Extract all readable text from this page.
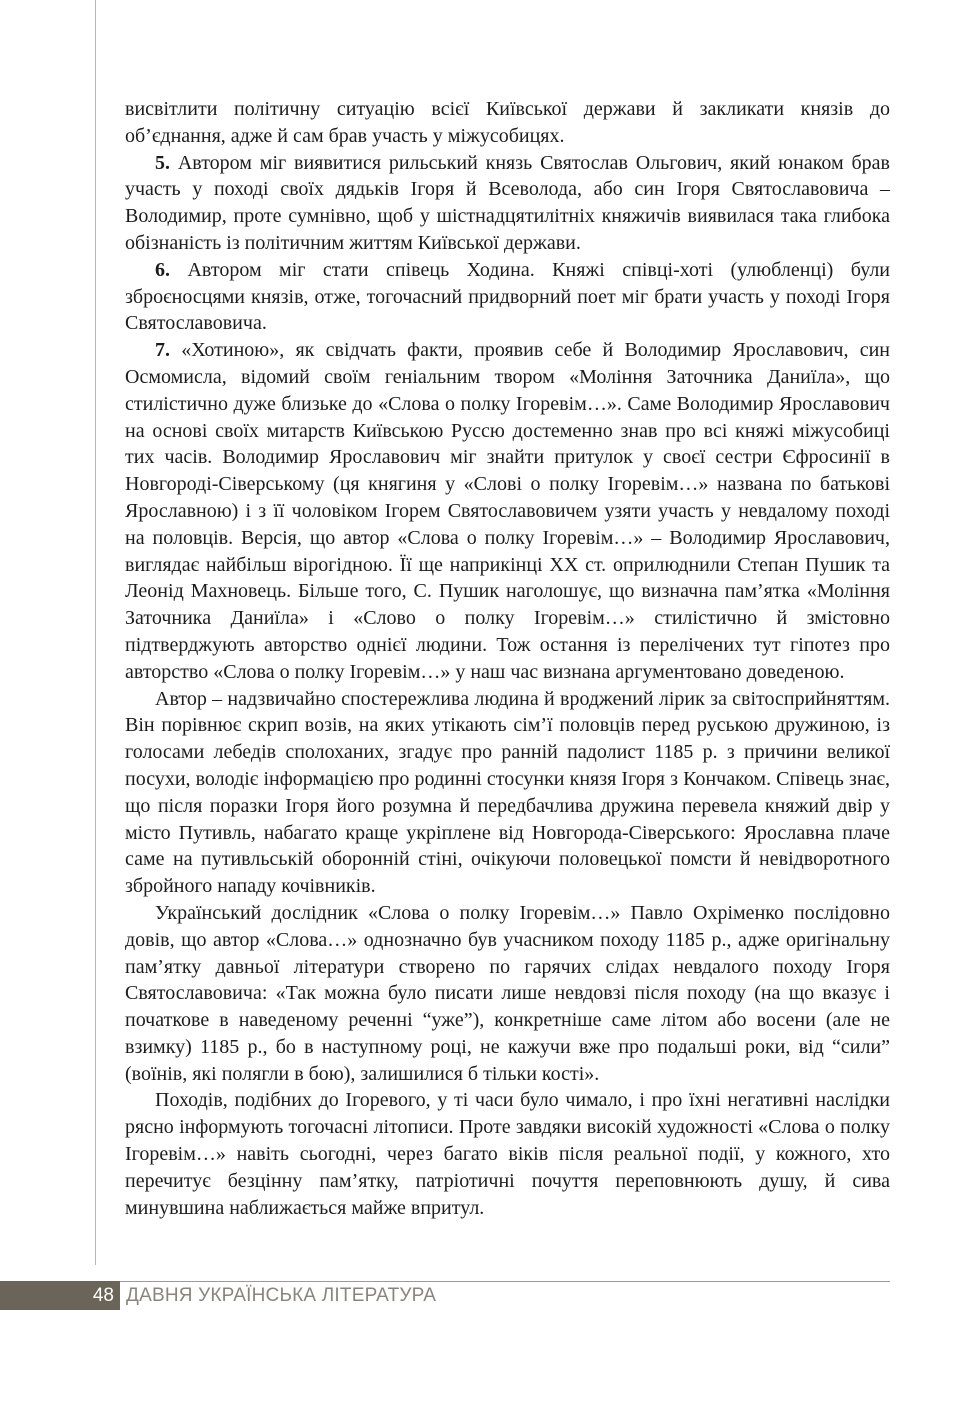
висвітлити політичну ситуацію всієї Київської держави й закликати князів до об’єднання, адже й сам брав участь у міжусобицях.

5. Автором міг виявитися рильський князь Святослав Ольгович, який юнаком брав участь у поході своїх дядьків Ігоря й Всеволода, або син Ігоря Святославовича – Володимир, проте сумнівно, щоб у шістнадцятилітніх княжичів виявилася така глибока обізнаність із політичним життям Київської держави.

6. Автором міг стати співець Ходина. Княжі співці-хоті (улюбленці) були зброєносцями князів, отже, тогочасний придворний поет міг брати участь у поході Ігоря Святославовича.

7. «Хотиною», як свідчать факти, проявив себе й Володимир Ярославович, син Осмомисла, відомий своїм геніальним твором «Моління Заточника Даниїла», що стилістично дуже близьке до «Слова о полку Ігоревім…». Саме Володимир Ярославович на основі своїх митарств Київською Руссю достеменно знав про всі княжі міжусобиці тих часів. Володимир Ярославович міг знайти притулок у своєї сестри Єфросинії в Новгороді-Сіверському (ця княгиня у «Слові о полку Ігоревім…» названа по батькові Ярославною) і з її чоловіком Ігорем Святославовичем узяти участь у невдалому поході на половців. Версія, що автор «Слова о полку Ігоревім…» – Володимир Ярославович, виглядає найбільш вірогідною. Її ще наприкінці XX ст. оприлюднили Степан Пушик та Леонід Махновець. Більше того, С. Пушик наголошує, що визначна пам’ятка «Моління Заточника Даниїла» і «Слово о полку Ігоревім…» стилістично й змістовно підтверджують авторство однієї людини. Тож остання із перелічених тут гіпотез про авторство «Слова о полку Ігоревім…» у наш час визнана аргументовано доведеною.

Автор – надзвичайно спостережлива людина й вроджений лірик за світосприйняттям. Він порівнює скрип возів, на яких утікають сім’ї половців перед руською дружиною, із голосами лебедів сполоханих, згадує про ранній падолист 1185 р. з причини великої посухи, володіє інформацією про родинні стосунки князя Ігоря з Кончаком. Співець знає, що після поразки Ігоря його розумна й передбачлива дружина перевела княжий двір у місто Путивль, набагато краще укріплене від Новгорода-Сіверського: Ярославна плаче саме на путивльській оборонній стіні, очікуючи половецької помсти й невідворотного збройного нападу кочівників.

Український дослідник «Слова о полку Ігоревім…» Павло Охріменко послідовно довів, що автор «Слова…» однозначно був учасником походу 1185 р., адже оригінальну пам’ятку давньої літератури створено по гарячих слідах невдалого походу Ігоря Святославовича: «Так можна було писати лише невдовзі після походу (на що вказує і початкове в наведеному реченні “уже”), конкретніше саме літом або восени (але не взимку) 1185 р., бо в наступному році, не кажучи вже про подальші роки, від “сили” (воїнів, які полягли в бою), залишилися б тільки кості».

Походів, подібних до Ігоревого, у ті часи було чимало, і про їхні негативні наслідки рясно інформують тогочасні літописи. Проте завдяки високій художності «Слова о полку Ігоревім…» навіть сьогодні, через багато віків після реальної події, у кожного, хто перечитує безцінну пам’ятку, патріотичні почуття переповнюють душу, й сива минувшина наближається майже впритул.

48 ДАВНЯ УКРАЇНСЬКА ЛІТЕРАТУРА
